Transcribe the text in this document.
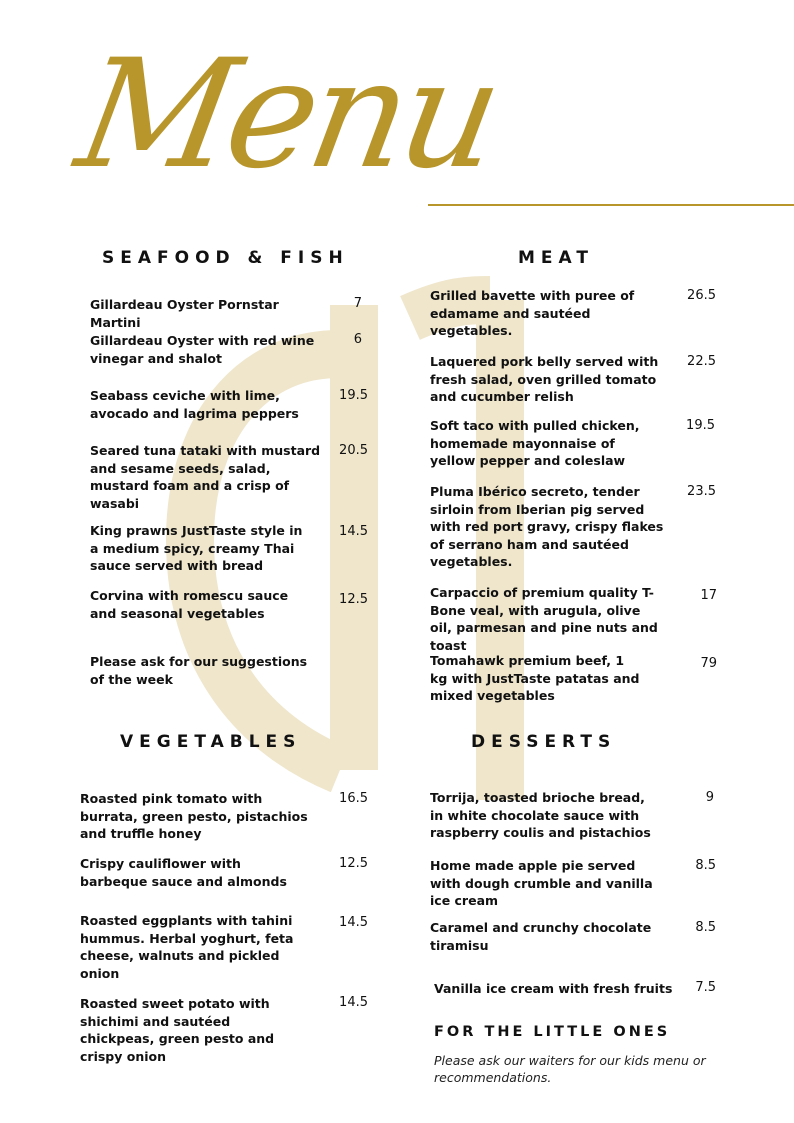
Menu
SEAFOOD & FISH
Gillardeau Oyster Pornstar Martini
7
Gillardeau Oyster with red wine vinegar and shalot
6
Seabass ceviche with lime, avocado and lagrima peppers
19.5
Seared tuna tataki with mustard and sesame seeds, salad, mustard foam and a crisp of wasabi
20.5
King prawns JustTaste style in a medium spicy, creamy Thai sauce served with bread
14.5
Corvina with romescu sauce and seasonal vegetables
12.5
Please ask for our suggestions of the week
MEAT
Grilled bavette with puree of edamame and sautéed vegetables.
26.5
Laquered pork belly served with fresh salad, oven grilled tomato and cucumber relish
22.5
Soft taco with pulled chicken, homemade mayonnaise of yellow pepper and coleslaw
19.5
Pluma Ibérico secreto, tender sirloin from Iberian pig served with red port gravy, crispy flakes of serrano ham and sautéed vegetables.
23.5
Carpaccio of premium quality T-Bone veal, with arugula, olive oil, parmesan and pine nuts and toast
17
Tomahawk premium beef, 1 kg with JustTaste patatas and mixed vegetables
79
VEGETABLES
Roasted pink tomato with burrata, green pesto, pistachios and truffle honey
16.5
Crispy cauliflower with barbeque sauce and almonds
12.5
Roasted eggplants with tahini hummus. Herbal yoghurt, feta cheese, walnuts and pickled onion
14.5
Roasted sweet potato with shichimi and sautéed chickpeas, green pesto and crispy onion
14.5
DESSERTS
Torrija, toasted brioche bread, in white chocolate sauce with raspberry coulis and pistachios
9
Home made apple pie served with dough crumble and vanilla ice cream
8.5
Caramel and crunchy chocolate tiramisu
8.5
Vanilla ice cream with fresh fruits	7.5
FOR THE LITTLE ONES
Please ask our waiters for our kids menu or recommendations.
